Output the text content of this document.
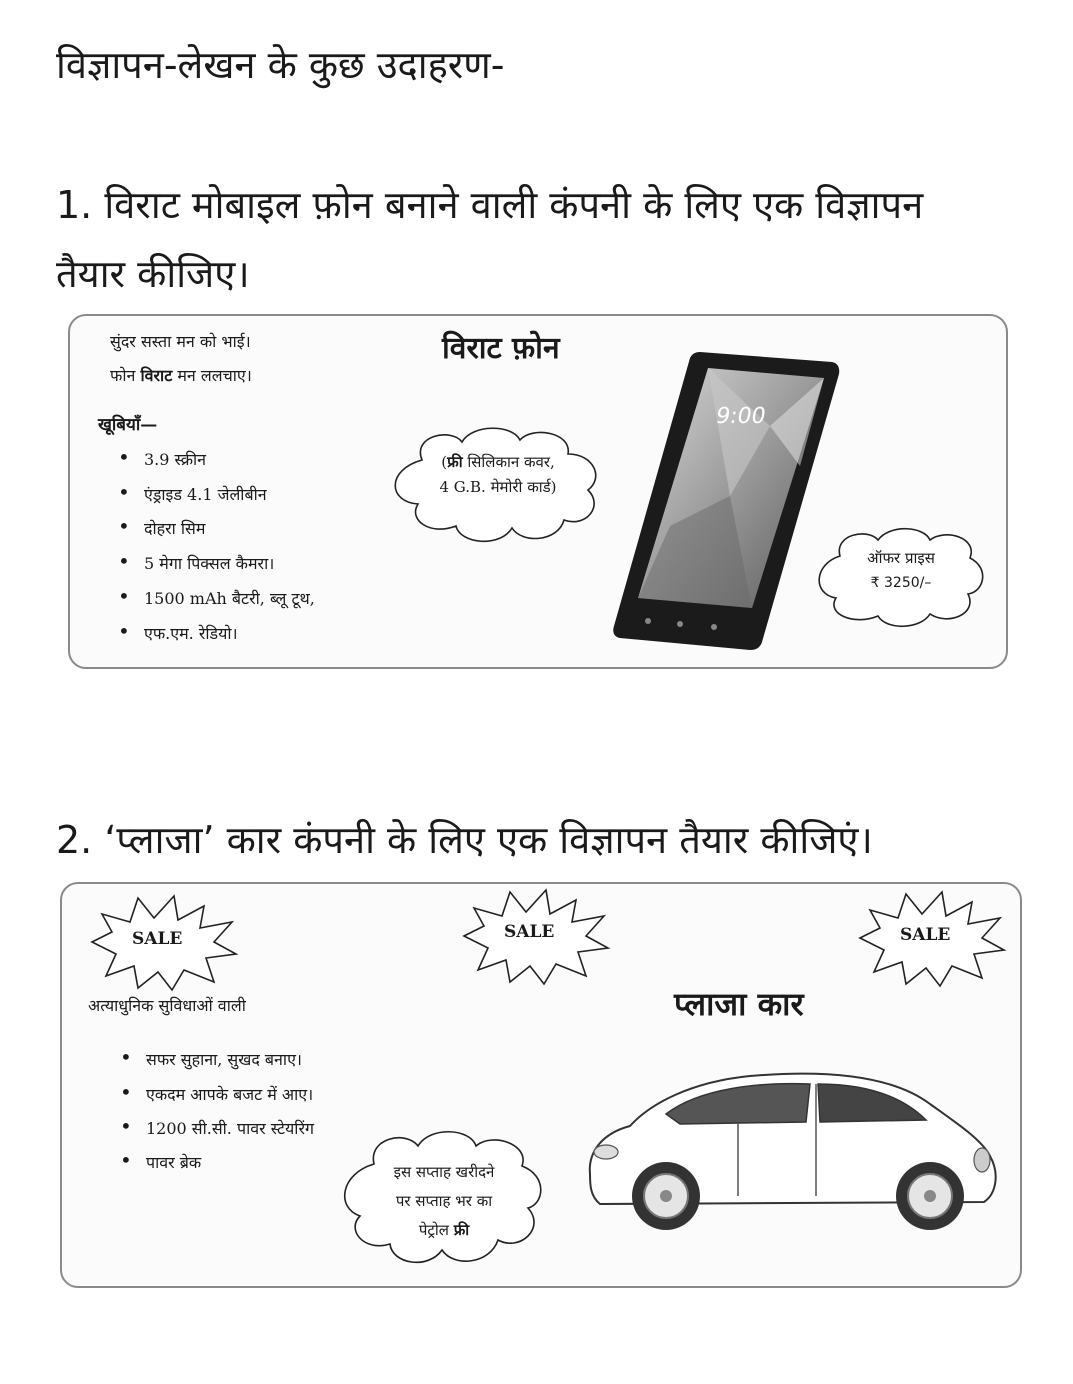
विज्ञापन-लेखन के कुछ उदाहरण-
1. विराट मोबाइल फ़ोन बनाने वाली कंपनी के लिए एक विज्ञापन
तैयार कीजिए।
सुंदर सस्ता मन को भाई।
फोन विराट मन ललचाए।
खूबियाँ—
• 3.9 स्क्रीन
• एंड्राइड 4.1 जेलीबीन
• दोहरा सिम
• 5 मेगा पिक्सल कैमरा।
• 1500 mAh बैटरी, ब्लू टूथ,
• एफ.एम. रेडियो।
विराट फ़ोन
(फ्री सिलिकान कवर,
4 G.B. मेमोरी कार्ड)
9:00
ऑफर प्राइस
₹ 3250/–
2. ‘प्लाजा’ कार कंपनी के लिए एक विज्ञापन तैयार कीजिएं।
SALE	SALE	SALE
अत्याधुनिक सुविधाओं वाली
• सफर सुहाना, सुखद बनाए।
• एकदम आपके बजट में आए।
• 1200 सी.सी. पावर स्टेयरिंग
• पावर ब्रेक
प्लाजा कार
इस सप्ताह खरीदने
पर सप्ताह भर का
पेट्रोल फ्री
